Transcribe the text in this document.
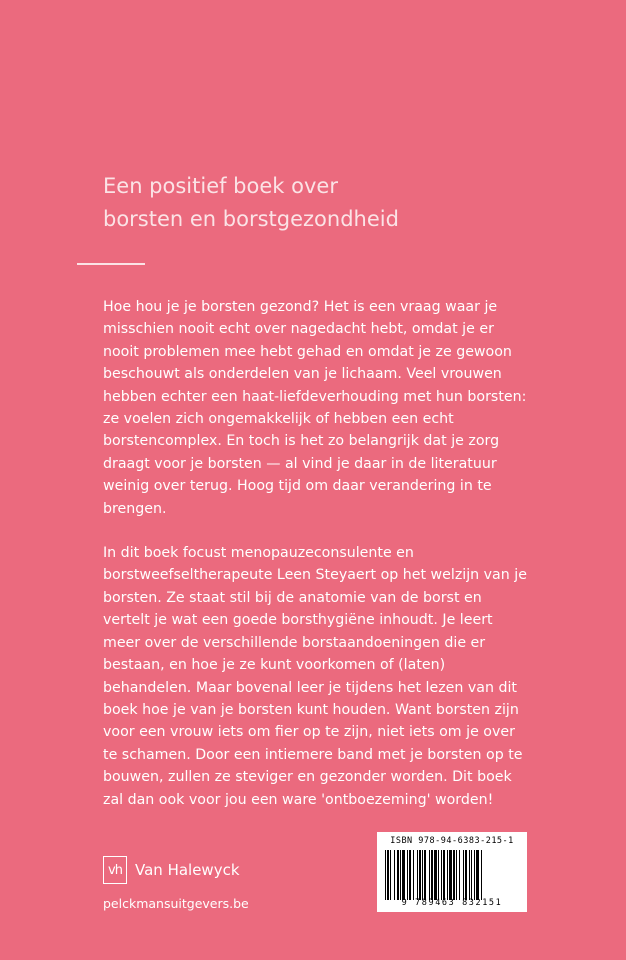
Een positief boek over
borsten en borstgezondheid

Hoe hou je je borsten gezond? Het is een vraag waar je misschien nooit echt over nagedacht hebt, omdat je er nooit problemen mee hebt gehad en omdat je ze gewoon beschouwt als onderdelen van je lichaam. Veel vrouwen hebben echter een haat-liefdeverhouding met hun borsten: ze voelen zich ongemakkelijk of hebben een echt borstencomplex. En toch is het zo belangrijk dat je zorg draagt voor je borsten — al vind je daar in de literatuur weinig over terug. Hoog tijd om daar verandering in te brengen.

In dit boek focust menopauzeconsulente en borstweefseltherapeute Leen Steyaert op het welzijn van je borsten. Ze staat stil bij de anatomie van de borst en vertelt je wat een goede borsthygiëne inhoudt. Je leert meer over de verschillende borstaandoeningen die er bestaan, en hoe je ze kunt voorkomen of (laten) behandelen. Maar bovenal leer je tijdens het lezen van dit boek hoe je van je borsten kunt houden. Want borsten zijn voor een vrouw iets om fier op te zijn, niet iets om je over te schamen. Door een intiemere band met je borsten op te bouwen, zullen ze steviger en gezonder worden. Dit boek zal dan ook voor jou een ware 'ontboezeming' worden!

vh Van Halewyck
pelckmansuitgevers.be
ISBN 978-94-6383-215-1
9 789463 832151
